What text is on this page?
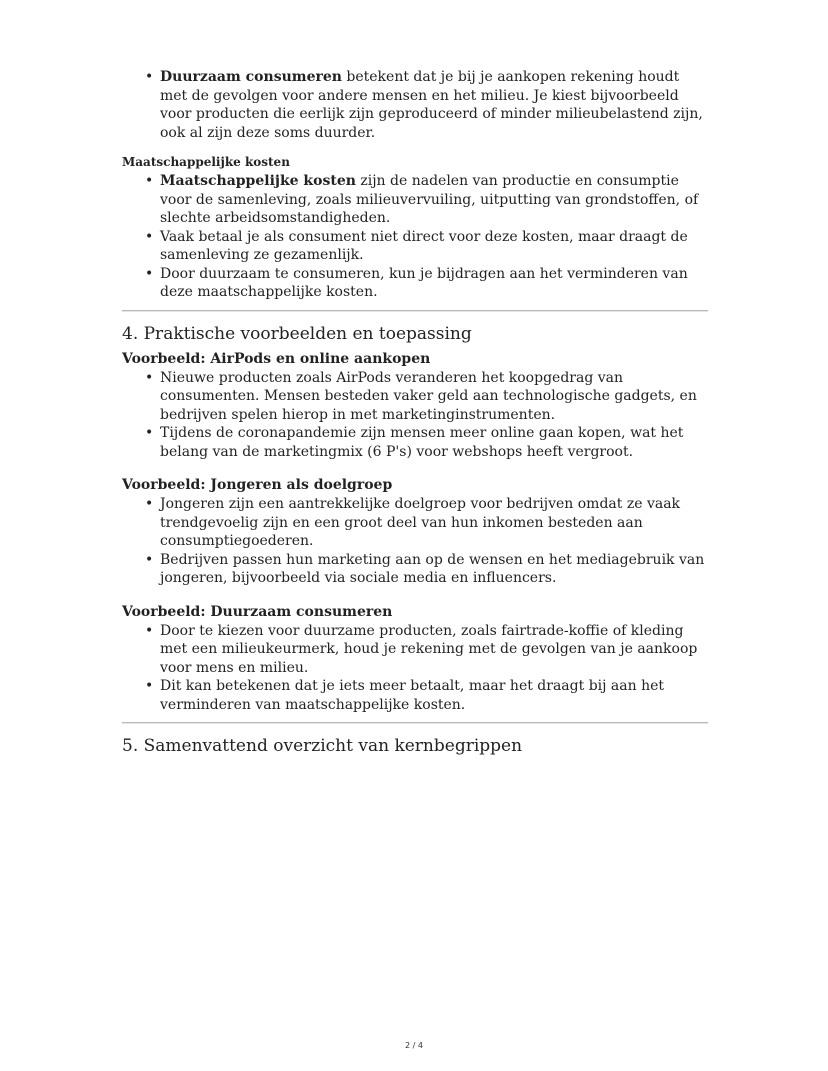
• Duurzaam consumeren betekent dat je bij je aankopen rekening houdt met de gevolgen voor andere mensen en het milieu. Je kiest bijvoorbeeld voor producten die eerlijk zijn geproduceerd of minder milieubelastend zijn, ook al zijn deze soms duurder.
Maatschappelijke kosten
• Maatschappelijke kosten zijn de nadelen van productie en consumptie voor de samenleving, zoals milieuvervuiling, uitputting van grondstoffen, of slechte arbeidsomstandigheden.
• Vaak betaal je als consument niet direct voor deze kosten, maar draagt de samenleving ze gezamenlijk.
• Door duurzaam te consumeren, kun je bijdragen aan het verminderen van deze maatschappelijke kosten.
4. Praktische voorbeelden en toepassing
Voorbeeld: AirPods en online aankopen
• Nieuwe producten zoals AirPods veranderen het koopgedrag van consumenten. Mensen besteden vaker geld aan technologische gadgets, en bedrijven spelen hierop in met marketinginstrumenten.
• Tijdens de coronapandemie zijn mensen meer online gaan kopen, wat het belang van de marketingmix (6 P's) voor webshops heeft vergroot.
Voorbeeld: Jongeren als doelgroep
• Jongeren zijn een aantrekkelijke doelgroep voor bedrijven omdat ze vaak trendgevoelig zijn en een groot deel van hun inkomen besteden aan consumptiegoederen.
• Bedrijven passen hun marketing aan op de wensen en het mediagebruik van jongeren, bijvoorbeeld via sociale media en influencers.
Voorbeeld: Duurzaam consumeren
• Door te kiezen voor duurzame producten, zoals fairtrade-koffie of kleding met een milieukeurmerk, houd je rekening met de gevolgen van je aankoop voor mens en milieu.
• Dit kan betekenen dat je iets meer betaalt, maar het draagt bij aan het verminderen van maatschappelijke kosten.
5. Samenvattend overzicht van kernbegrippen
2 / 4
